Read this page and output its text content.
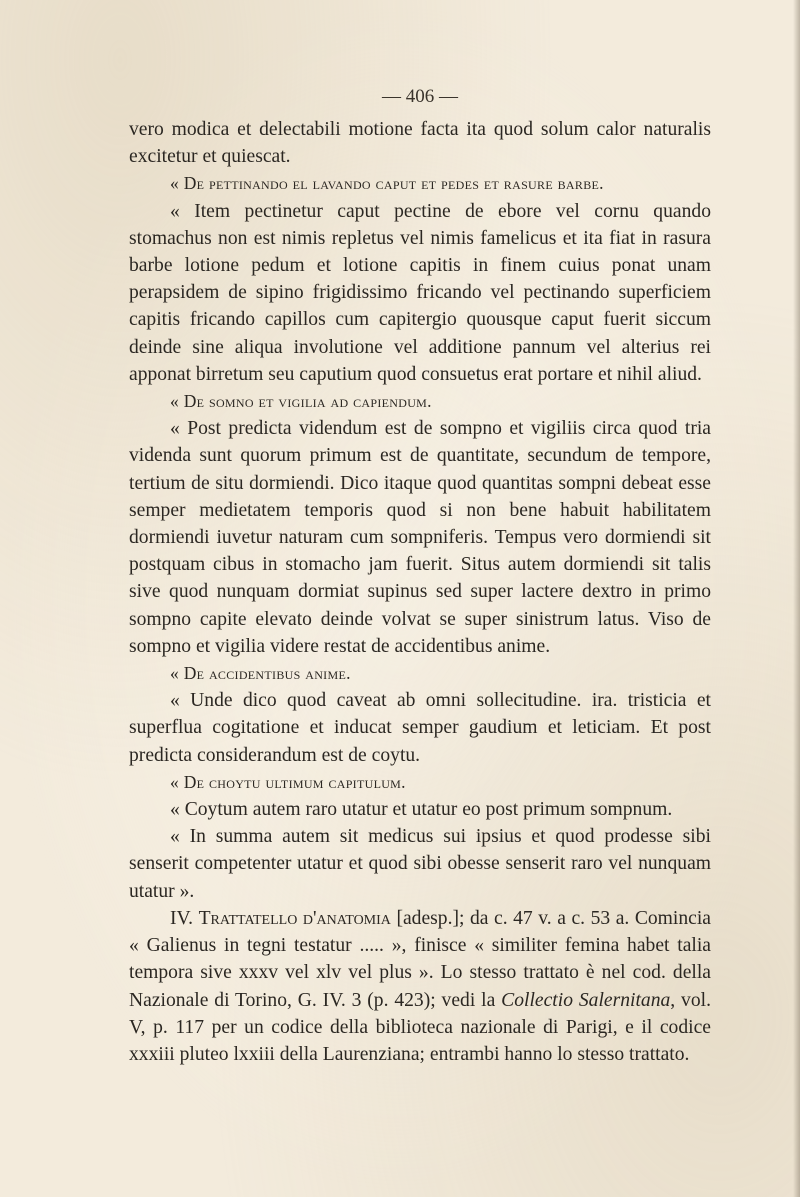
— 406 —

vero modica et delectabili motione facta ita quod solum calor naturalis excitetur et quiescat.

« De pettinando el lavando caput et pedes et rasure barbe.

« Item pectinetur caput pectine de ebore vel cornu quando stomachus non est nimis repletus vel nimis famelicus et ita fiat in rasura barbe lotione pedum et lotione capitis in finem cuius ponat unam perapsidem de sipino frigidissimo fricando vel pectinando superficiem capitis fricando capillos cum capitergio quousque caput fuerit siccum deinde sine aliqua involutione vel additione pannum vel alterius rei apponat birretum seu caputium quod consuetus erat portare et nihil aliud.

« De somno et vigilia ad capiendum.

« Post predicta videndum est de sompno et vigiliis circa quod tria videnda sunt quorum primum est de quantitate, secundum de tempore, tertium de situ dormiendi. Dico itaque quod quantitas sompni debeat esse semper medietatem temporis quod si non bene habuit habilitatem dormiendi iuvetur naturam cum sompniferis. Tempus vero dormiendi sit postquam cibus in stomacho jam fuerit. Situs autem dormiendi sit talis sive quod nunquam dormiat supinus sed super lactere dextro in primo sompno capite elevato deinde volvat se super sinistrum latus. Viso de sompno et vigilia videre restat de accidentibus anime.

« De accidentibus anime.

« Unde dico quod caveat ab omni sollecitudine. ira. tristicia et superflua cogitatione et inducat semper gaudium et leticiam. Et post predicta considerandum est de coytu.

« De choytu ultimum capitulum.

« Coytum autem raro utatur et utatur eo post primum sompnum.

« In summa autem sit medicus sui ipsius et quod prodesse sibi senserit competenter utatur et quod sibi obesse senserit raro vel nunquam utatur ».

IV. Trattatello d'anatomia [adesp.]; da c. 47 v. a c. 53 a. Comincia « Galienus in tegni testatur ..... », finisce « similiter femina habet talia tempora sive xxxv vel xlv vel plus ». Lo stesso trattato è nel cod. della Nazionale di Torino, G. IV. 3 (p. 423); vedi la Collectio Salernitana, vol. V, p. 117 per un codice della biblioteca nazionale di Parigi, e il codice xxxiii pluteo lxxiii della Laurenziana; entrambi hanno lo stesso trattato.
